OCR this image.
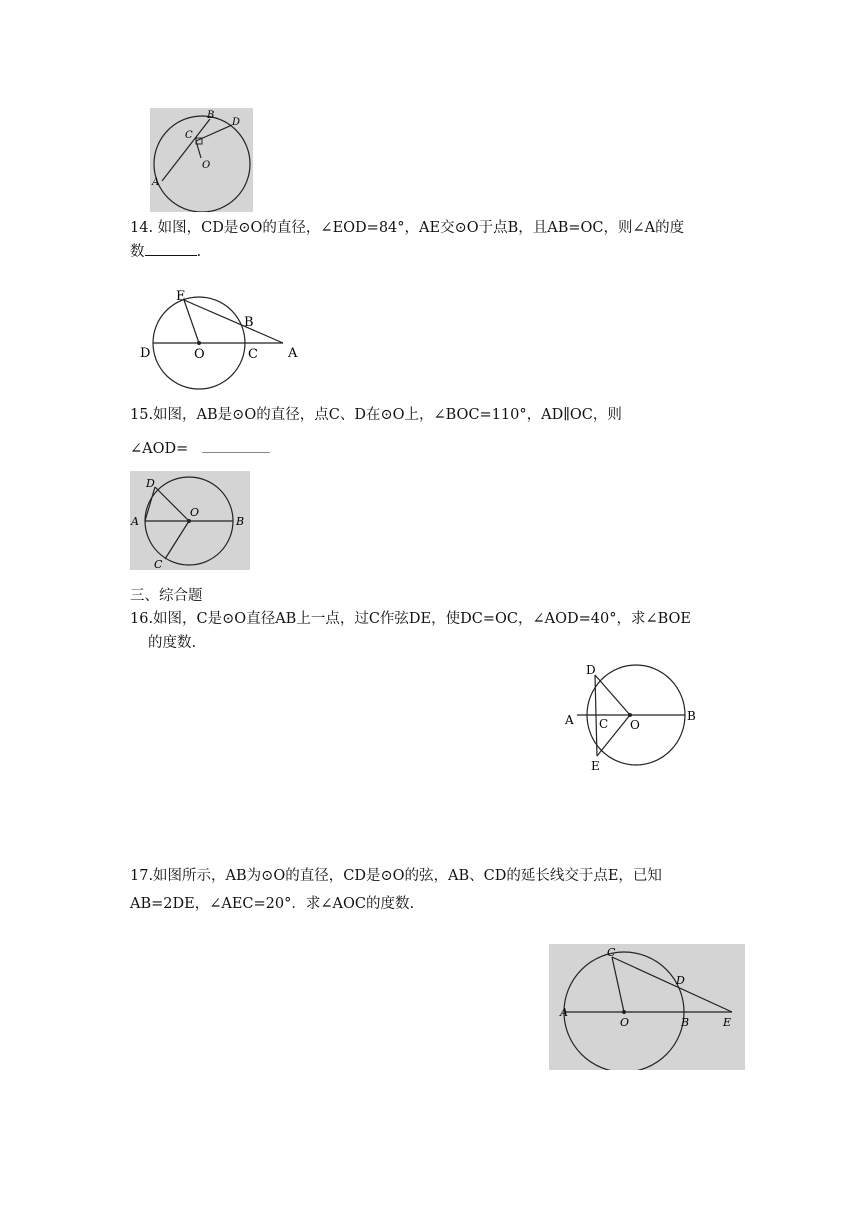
B
D
C
O
A
14. 如图，CD是⊙O的直径，∠EOD=84°，AE交⊙O于点B，且AB=OC，则∠A的度
数	.
E
B
D	O	C A
15.如图，AB是⊙O的直径，点C、D在⊙O上，∠BOC=110°，AD∥OC，则
∠AOD=
D
O
A	B
C
三、综合题
16.如图，C是⊙O直径AB上一点，过C作弦DE，使DC=OC，∠AOD=40°，求∠BOE
的度数.
D
A C O
B
E
17.如图所示，AB为⊙O的直径，CD是⊙O的弦，AB、CD的延长线交于点E，已知
AB=2DE，∠AEC=20°．求∠AOC的度数.
C
D
A
O	B	E
